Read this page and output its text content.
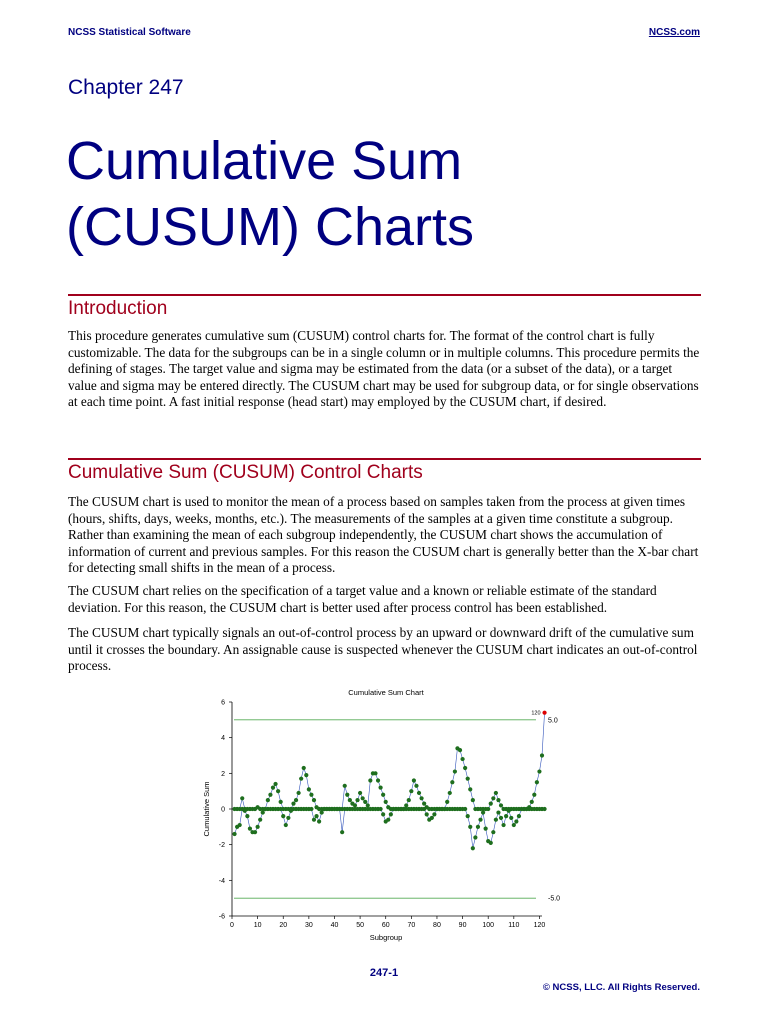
NCSS Statistical Software	NCSS.com
Chapter 247
Cumulative Sum
(CUSUM) Charts
Introduction

This procedure generates cumulative sum (CUSUM) control charts for. The format of the control chart is fully customizable. The data for the subgroups can be in a single column or in multiple columns. This procedure permits the defining of stages. The target value and sigma may be estimated from the data (or a subset of the data), or a target value and sigma may be entered directly. The CUSUM chart may be used for subgroup data, or for single observations at each time point. A fast initial response (head start) may employed by the CUSUM chart, if desired.

Cumulative Sum (CUSUM) Control Charts

The CUSUM chart is used to monitor the mean of a process based on samples taken from the process at given times (hours, shifts, days, weeks, months, etc.). The measurements of the samples at a given time constitute a subgroup. Rather than examining the mean of each subgroup independently, the CUSUM chart shows the accumulation of information of current and previous samples. For this reason the CUSUM chart is generally better than the X-bar chart for detecting small shifts in the mean of a process.

The CUSUM chart relies on the specification of a target value and a known or reliable estimate of the standard deviation. For this reason, the CUSUM chart is better used after process control has been established.

The CUSUM chart typically signals an out-of-control process by an upward or downward drift of the cumulative sum until it crosses the boundary. An assignable cause is suspected whenever the CUSUM chart indicates an out-of-control process.

Cumulative Sum Chart
Cumulative Sum
Subgroup
-6
-4
-2
0
2
4
6
0	10	20	30	40	50	60	70	80	90 100 110 120
5.0
-5.0
120
247-1
© NCSS, LLC. All Rights Reserved.
